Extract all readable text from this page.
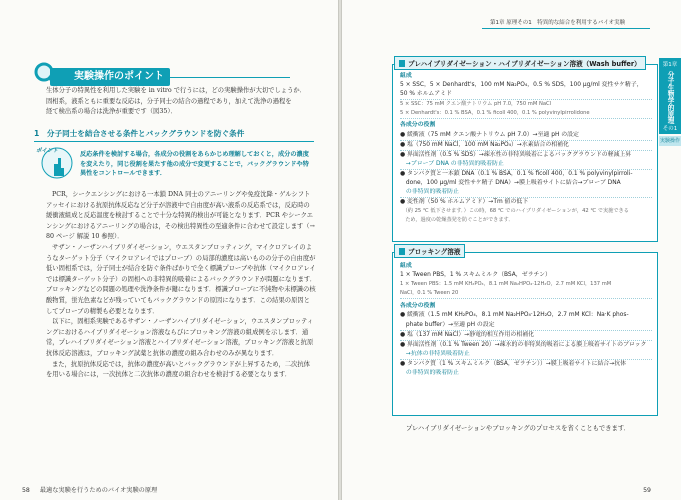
実験操作のポイント

生体分子の特異性を利用した実験を in vitro で行うには，どの実験操作が大切でしょうか．

固相系，液系ともに重要な反応は，分子同士の結合の過程であり，加えて洗浄の過程を

経て検出系の場合は洗浄が重要です（図35）．

1　分子同士を結合させる条件とバックグラウンドを防ぐ条件
ポイント	反応条件を検討する場合，各成分の役割をあらかじめ理解しておくと，成分の濃度を変えたり，同じ役割を果たす他の成分で変更することで，バックグラウンドや特異性をコントロールできます．

PCR，シークエンシングにおける一本鎖 DNA 同士のアニーリングや免疫沈降・ゲルシフトアッセイにおける抗原抗体反応など分子が溶液中で自由度が高い液系の反応系では，反応時の緩衝液組成と反応温度を検討することで十分な特異的検出が可能となります．PCR やシークエンシングにおけるアニーリングの場合は，その検出特異性の至適条件に合わせて設定します（→ 80 ページ 解説 10 参照）．

サザン・ノーザンハイブリダイゼーション，ウエスタンブロッティング，マイクロアレイのようなターゲット分子（マイクロアレイではプローブ）の局部的濃度は高いものの分子の自由度が低い固相系では，分子同士が結合を防ぐ条件ばかりで全く標識プローブや抗体（マイクロアレイでは標識ターゲット分子）の固相への非特異的吸着によるバックグラウンドが問題になります．ブロッキングなどの問題の処理や洗浄条件が鍵になります．標識プローブに不純物や未標識の核酸物質，蛍光色素などが残っていてもバックグラウンドの原因になります．この結果の原因としてプローブの精製も必要となります．

以下に，固相系実験であるサザン・ノーザンハイブリダイゼーション，ウエスタンブロッティングにおけるハイブリダイゼーション溶液ならびにブロッキング溶液の組成例を示します．通常，プレハイブリダイゼーション溶液とハイブリダイゼーション溶液，ブロッキング溶液と抗原抗体反応溶液は，ブロッキング試薬と抗体の濃度の組み合わせのみが異なります．

また，抗原抗体反応では，抗体の濃度が高いとバックグラウンドが上昇するため，二次抗体を用いる場合には，一次抗体と二次抗体の濃度の組合わせを検討する必要となります．

58 最適な実験を行うためのバイオ実験の原理
第1章 原理その1　特異的な結合を利用するバイオ実験
第1章
分子生物学的原理
その1
実験操作
プレハイブリダイゼーション・ハイブリダイゼーション溶液（Wash buffer）
組成
5 × SSC，5 × Denhardt's，100 mM Na₂PO₄，0.5 % SDS，100 µg/ml 変性サケ精子，
50 % ホルムアミド
5 × SSC：75 mM クエン酸ナトリウム pH 7.0，750 mM NaCl
5 × Denhardt's：0.1 % BSA，0.1 % ficoll 400，0.1 % polyvinylpirrolidone
各成分の役割
● 緩衝液（75 mM クエン酸ナトリウム pH 7.0）→至適 pH の設定
● 塩（750 mM NaCl，100 mM Na₂PO₄）→水素結合の相補化
● 界面活性剤（0.5 % SDS）→疎水性の非特異吸着によるバックグラウンドの軽減上昇
　→プローブ DNA の非特異的吸着防止
● タンパク質と一本鎖 DNA（0.1 % BSA，0.1 % ficoll 400，0.1 % polyvinylpirroli-
　done，100 µg/ml 変性サケ精子 DNA）→膜上吸着サイトに結合→プローブ DNA
　の非特異的吸着防止
● 変性剤（50 % ホルムアミド）→Tm 値の低下
　（約 25 ℃ 低下させます．）この時，68 ℃ でのハイブリダイゼーションが，42 ℃ で実施できる
　ため，過度の乾燥蒸発を防ぐことができます．
ブロッキング溶液
組成
1 × Tween PBS，1 % スキムミルク（BSA，ゼラチン）
1 × Tween PBS：1.5 mM KH₂PO₄，8.1 mM Na₂HPO₄·12H₂O，2.7 mM KCl，137 mM
NaCl，0.1 % Tween 20
各成分の役割
● 緩衝液（1.5 mM KH₂PO₄，8.1 mM Na₂HPO₄·12H₂O，2.7 mM KCl：Na·K phos-
　phate buffer）→至適 pH の設定
● 塩（137 mM NaCl）→静電的相互作用の相補化
● 界面活性剤（0.1 % Tween 20）→疎水的の非特異的吸着による膜上吸着サイトのブロック
　→抗体の非特異吸着防止
● タンパク質（1 % スキムミルク（BSA，ゼラチン））→膜上吸着サイトに結合→抗体
　の非特異的吸着防止

プレハイブリダイゼーションやブロッキングのプロセスを省くこともできます．

59
